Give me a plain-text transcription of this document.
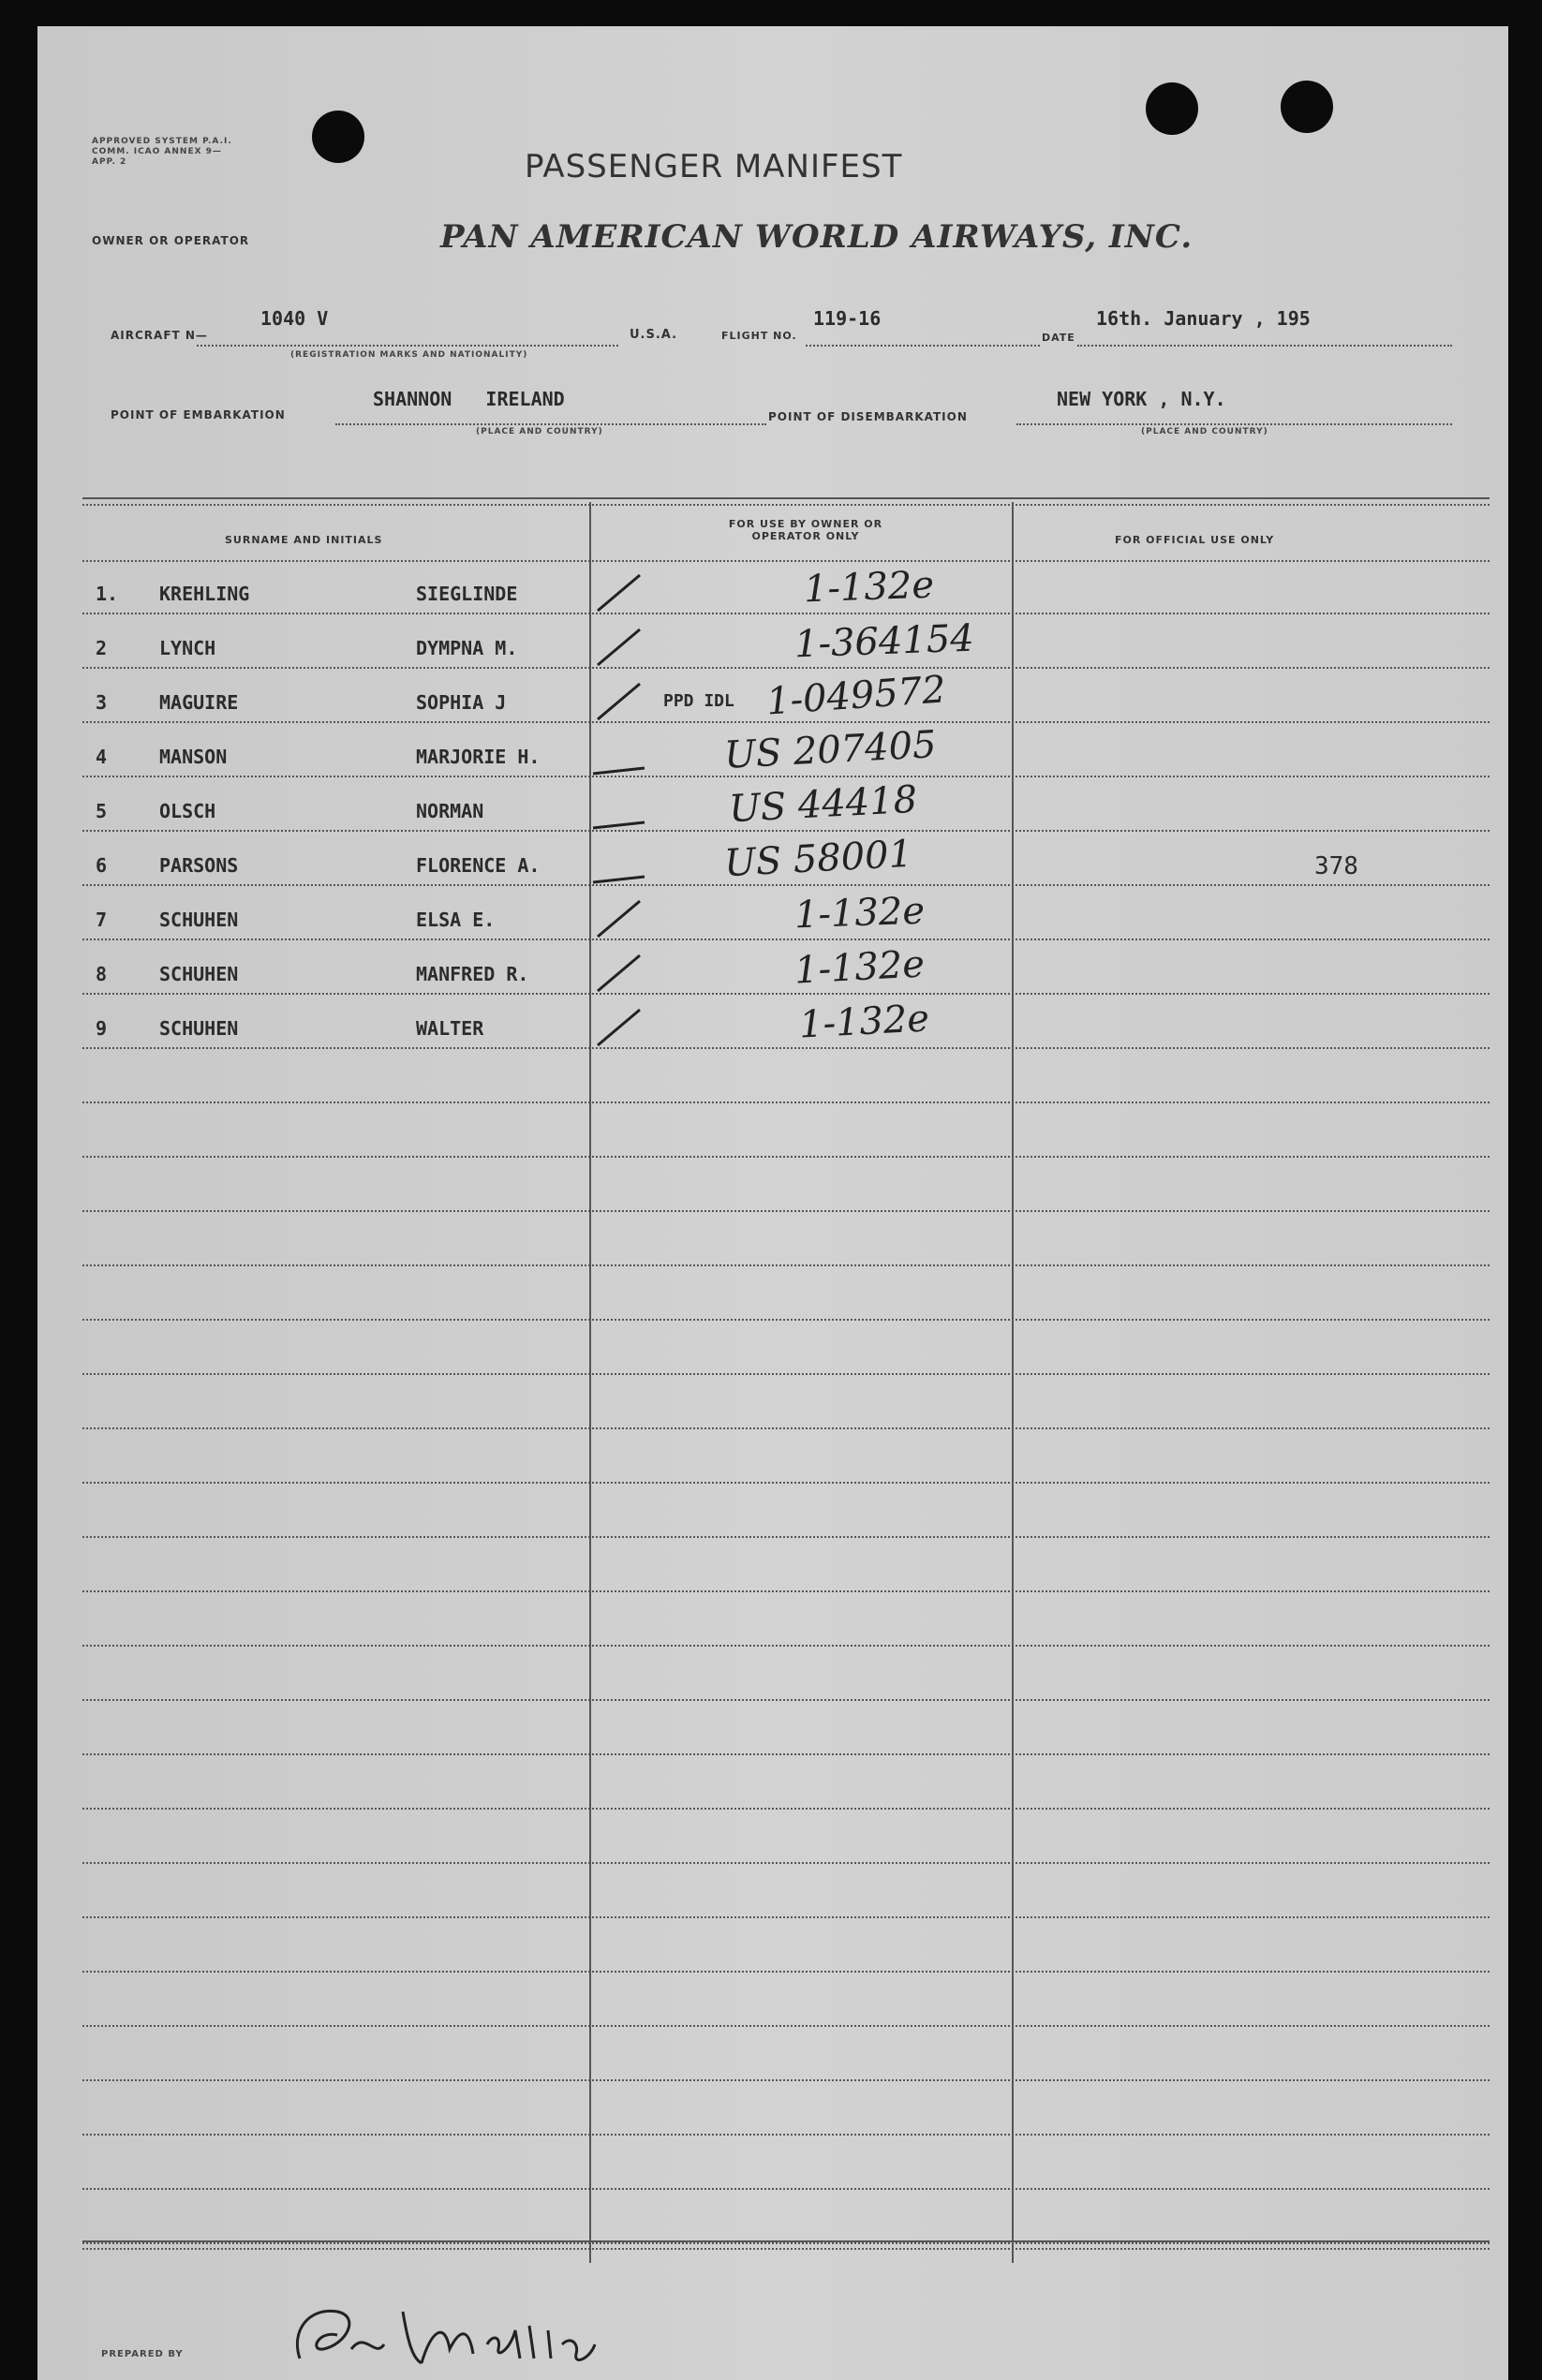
APPROVED SYSTEM P.A.I. COMM. ICAO ANNEX 9—APP. 2	PASSENGER MANIFEST
OWNER OR OPERATOR	PAN AMERICAN WORLD AIRWAYS, INC.
AIRCRAFT N—
1040 V
(REGISTRATION MARKS AND NATIONALITY)
U.S.A.	FLIGHT NO.
119-16
DATE
16th. January , 195
POINT OF EMBARKATION
SHANNON   IRELAND
(PLACE AND COUNTRY)
POINT OF DISEMBARKATION
NEW YORK , N.Y.
(PLACE AND COUNTRY)
SURNAME AND INITIALS
FOR USE BY OWNER OR OPERATOR ONLY	FOR OFFICIAL USE ONLY
1. KREHLING	SIEGLINDE	1-132e
2	LYNCH	DYMPNA M.	1-364154
3	MAGUIRE	SOPHIA J	PPD IDL 1-049572
4	MANSON	MARJORIE H.	US 207405
5	OLSCH	NORMAN	US 44418
6	PARSONS	FLORENCE A.	US 58001	378
7	SCHUHEN	ELSA E.	1-132e
8	SCHUHEN	MANFRED R.	1-132e
9	SCHUHEN	WALTER	1-132e
PREPARED BY
